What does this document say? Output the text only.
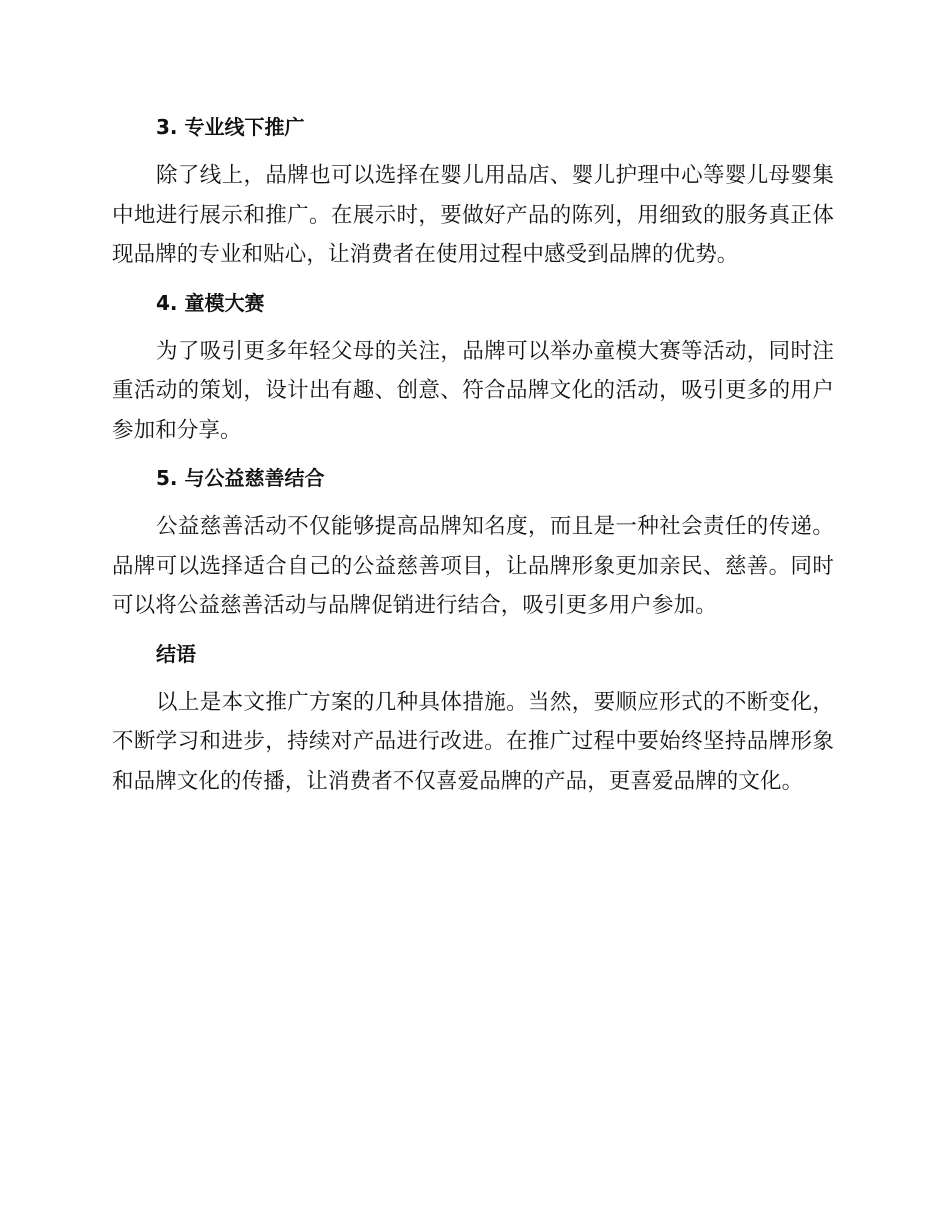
3. 专业线下推广

除了线上，品牌也可以选择在婴儿用品店、婴儿护理中心等婴儿母婴集中地进行展示和推广。在展示时，要做好产品的陈列，用细致的服务真正体现品牌的专业和贴心，让消费者在使用过程中感受到品牌的优势。

4. 童模大赛

为了吸引更多年轻父母的关注，品牌可以举办童模大赛等活动，同时注重活动的策划，设计出有趣、创意、符合品牌文化的活动，吸引更多的用户参加和分享。

5. 与公益慈善结合

公益慈善活动不仅能够提高品牌知名度，而且是一种社会责任的传递。品牌可以选择适合自己的公益慈善项目，让品牌形象更加亲民、慈善。同时可以将公益慈善活动与品牌促销进行结合，吸引更多用户参加。

结语

以上是本文推广方案的几种具体措施。当然，要顺应形式的不断变化，不断学习和进步，持续对产品进行改进。在推广过程中要始终坚持品牌形象和品牌文化的传播，让消费者不仅喜爱品牌的产品，更喜爱品牌的文化。
